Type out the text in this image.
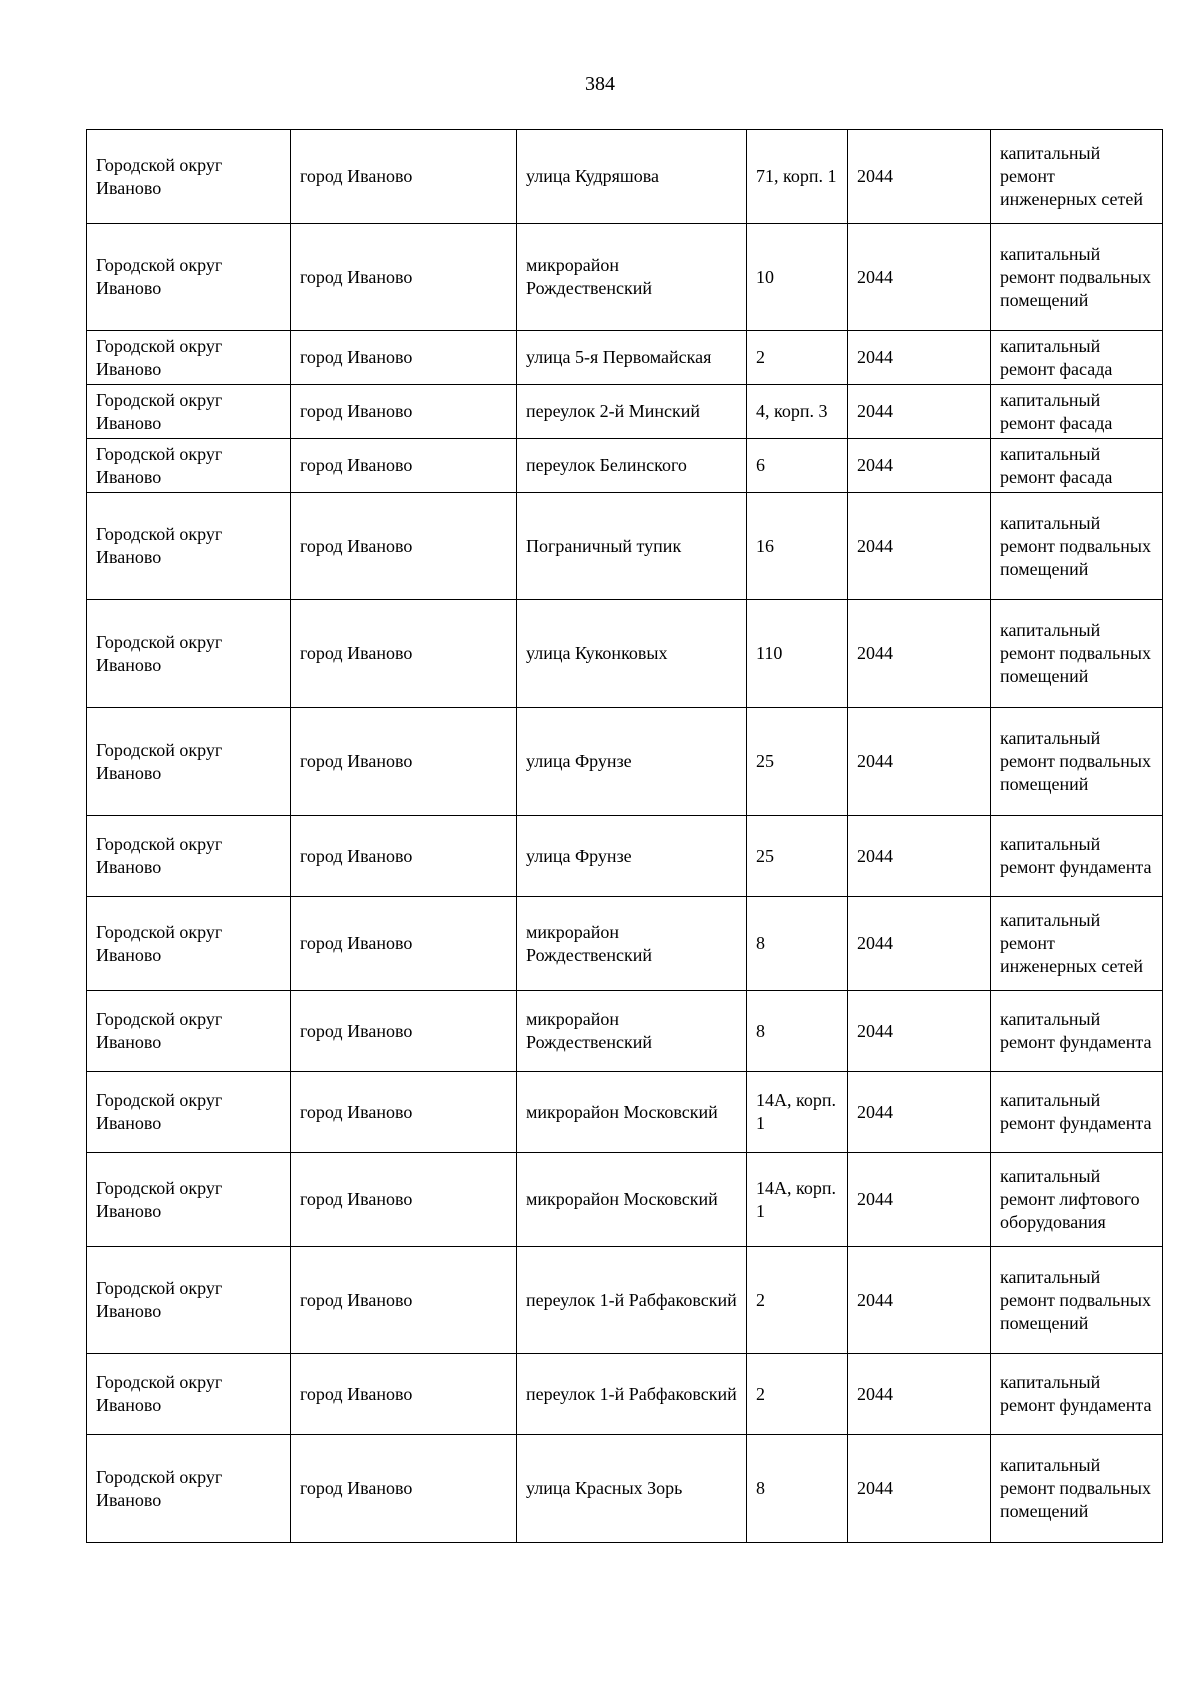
384
Городской округ Иваново	город Иваново	улица Кудряшова	71, корп. 1	2044	капитальный ремонт инженерных сетей
Городской округ Иваново	город Иваново	микрорайон Рождественский	10	2044	капитальный ремонт подвальных помещений
Городской округ Иваново	город Иваново	улица 5-я Первомайская	2	2044	капитальный ремонт фасада
Городской округ Иваново	город Иваново	переулок 2-й Минский	4, корп. 3	2044	капитальный ремонт фасада
Городской округ Иваново	город Иваново	переулок Белинского	6	2044	капитальный ремонт фасада
Городской округ Иваново	город Иваново	Пограничный тупик	16	2044	капитальный ремонт подвальных помещений
Городской округ Иваново	город Иваново	улица Куконковых	110	2044	капитальный ремонт подвальных помещений
Городской округ Иваново	город Иваново	улица Фрунзе	25	2044	капитальный ремонт подвальных помещений
Городской округ Иваново	город Иваново	улица Фрунзе	25	2044	капитальный ремонт фундамента
Городской округ Иваново	город Иваново	микрорайон Рождественский	8	2044	капитальный ремонт инженерных сетей
Городской округ Иваново	город Иваново	микрорайон Рождественский	8	2044	капитальный ремонт фундамента
Городской округ Иваново	город Иваново	микрорайон Московский	14А, корп. 1	2044	капитальный ремонт фундамента
Городской округ Иваново	город Иваново	микрорайон Московский	14А, корп. 1	2044	капитальный ремонт лифтового оборудования
Городской округ Иваново	город Иваново	переулок 1-й Рабфаковский	2	2044	капитальный ремонт подвальных помещений
Городской округ Иваново	город Иваново	переулок 1-й Рабфаковский	2	2044	капитальный ремонт фундамента
Городской округ Иваново	город Иваново	улица Красных Зорь	8	2044	капитальный ремонт подвальных помещений
